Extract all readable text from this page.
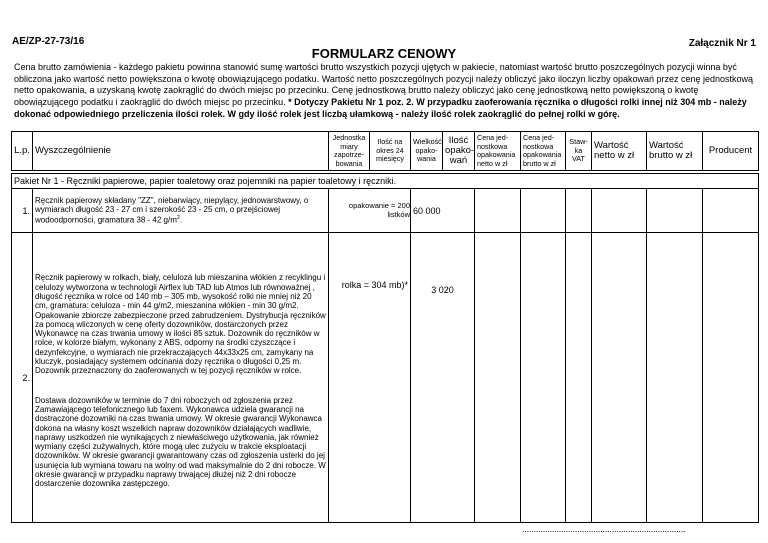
AE/ZP-27-73/16
FORMULARZ CENOWY
Załącznik Nr 1
Cena brutto zamówienia - każdego pakietu powinna stanowić sumę wartości brutto wszystkich pozycji ujętych w pakiecie, natomiast wartość brutto poszczególnych pozycji winna być obliczona jako wartość netto powiększona o kwotę obowiązującego podatku. Wartość netto poszczególnych pozycji należy obliczyć jako iloczyn liczby opakowań przez cenę jednostkową netto opakowania, a uzyskaną kwotę zaokrąglić do dwóch miejsc po przecinku. Cenę jednostkową brutto należy obliczyć jako cenę jednostkową netto powiększoną o kwotę obowiązującego podatku i zaokrąglić do dwóch miejsc po przecinku. * Dotyczy Pakietu Nr 1 poz. 2. W przypadku zaoferowania ręcznika o długości rolki innej niż 304 mb - należy dokonać odpowiedniego przeliczenia ilości rolek. W gdy ilość rolek jest liczbą ułamkową - należy ilość rolek zaokrąglić do pełnej rolki w górę.
L.p.	Wyszczególnienie	Jednostka miary zapotrze-bowania	Ilość na okres 24 miesięcy	Wielkość opako-wania	Ilość opako-wań	Cena jed-nostkowa opakowania netto w zł	Cena jed-nostkowa opakowania brutto w zł	Staw-ka VAT	Wartość netto w zł	Wartość brutto w zł	Producent

Pakiet Nr 1 - Ręczniki papierowe, papier toaletowy oraz pojemniki na papier toaletowy i ręczniki.											
1.	Ręcznik papierowy składany "ZZ", niebarwiący, niepylący, jednowarstwowy, o wymiarach długość 23 - 27 cm i szerokość 23 - 25 cm, o przejściowej wodoodporności, gramatura 38 - 42 $g/m^2$.	opakowanie = 200 listków		60 000							
2.	Ręcznik papierowy w rolkach, biały, celuloza lub mieszanina włókien z recyklingu i celulozy wytworzona w technologii Airflex lub TAD lub Atmos lub równoważnej , długość ręcznika w rolce od 140 mb – 305 mb, wysokość rolki nie mniej niż 20 cm, gramatura: celuloza - min 44 g/m2, mieszanina włókien - min 30 g/m2. Opakowanie zbiorcze zabezpieczone przed zabrudzeniem. Dystrybucja ręczników za pomocą wliczonych w cenę oferty dozowników, dostarczonych przez Wykonawcę na czas trwania umowy w ilości 85 sztuk. Dozownik do ręczników w rolce, w kolorze białym, wykonany z ABS, odporny na środki czyszczące i dezynfekcyjne, o wymiarach nie przekraczających 44x33x25 cm, zamykany na kluczyk, posiadający systemem odcinania dozy ręcznika o długości 0,25 m. Dozownik przeznaczony do zaoferowanych w tej pozycji ręczników w rolce.
Dostawa dozowników w terminie do 7 dni roboczych od zgłoszenia przez Zamawiającego telefonicznego lub faxem. Wykonawca udziela gwarancji na dostraczone dozowniki na czas trwania umowy. W okresie gwarancji Wykonawca dokona na własny koszt wszelkich napraw dozowników działających wadliwie, naprawy uszkodzeń nie wynikających z niewłaściwego użytkowania, jak również wymiany części zużywalnych, które mogą ulec zużyciu w trakcie eksploatacji dozowników. W okresie gwarancji gwarantowany czas od zgłoszenia usterki do jej usunięcia lub wymiana towaru na wolny od wad maksymalnie do 2 dni robocze. W okresie gwarancji w przypadku naprawy trwającej dłużej niż 2 dni robocze dostarczenie dozownika zastępczego.	rolka = 304 mb)*		3 020							
.......................................................................
